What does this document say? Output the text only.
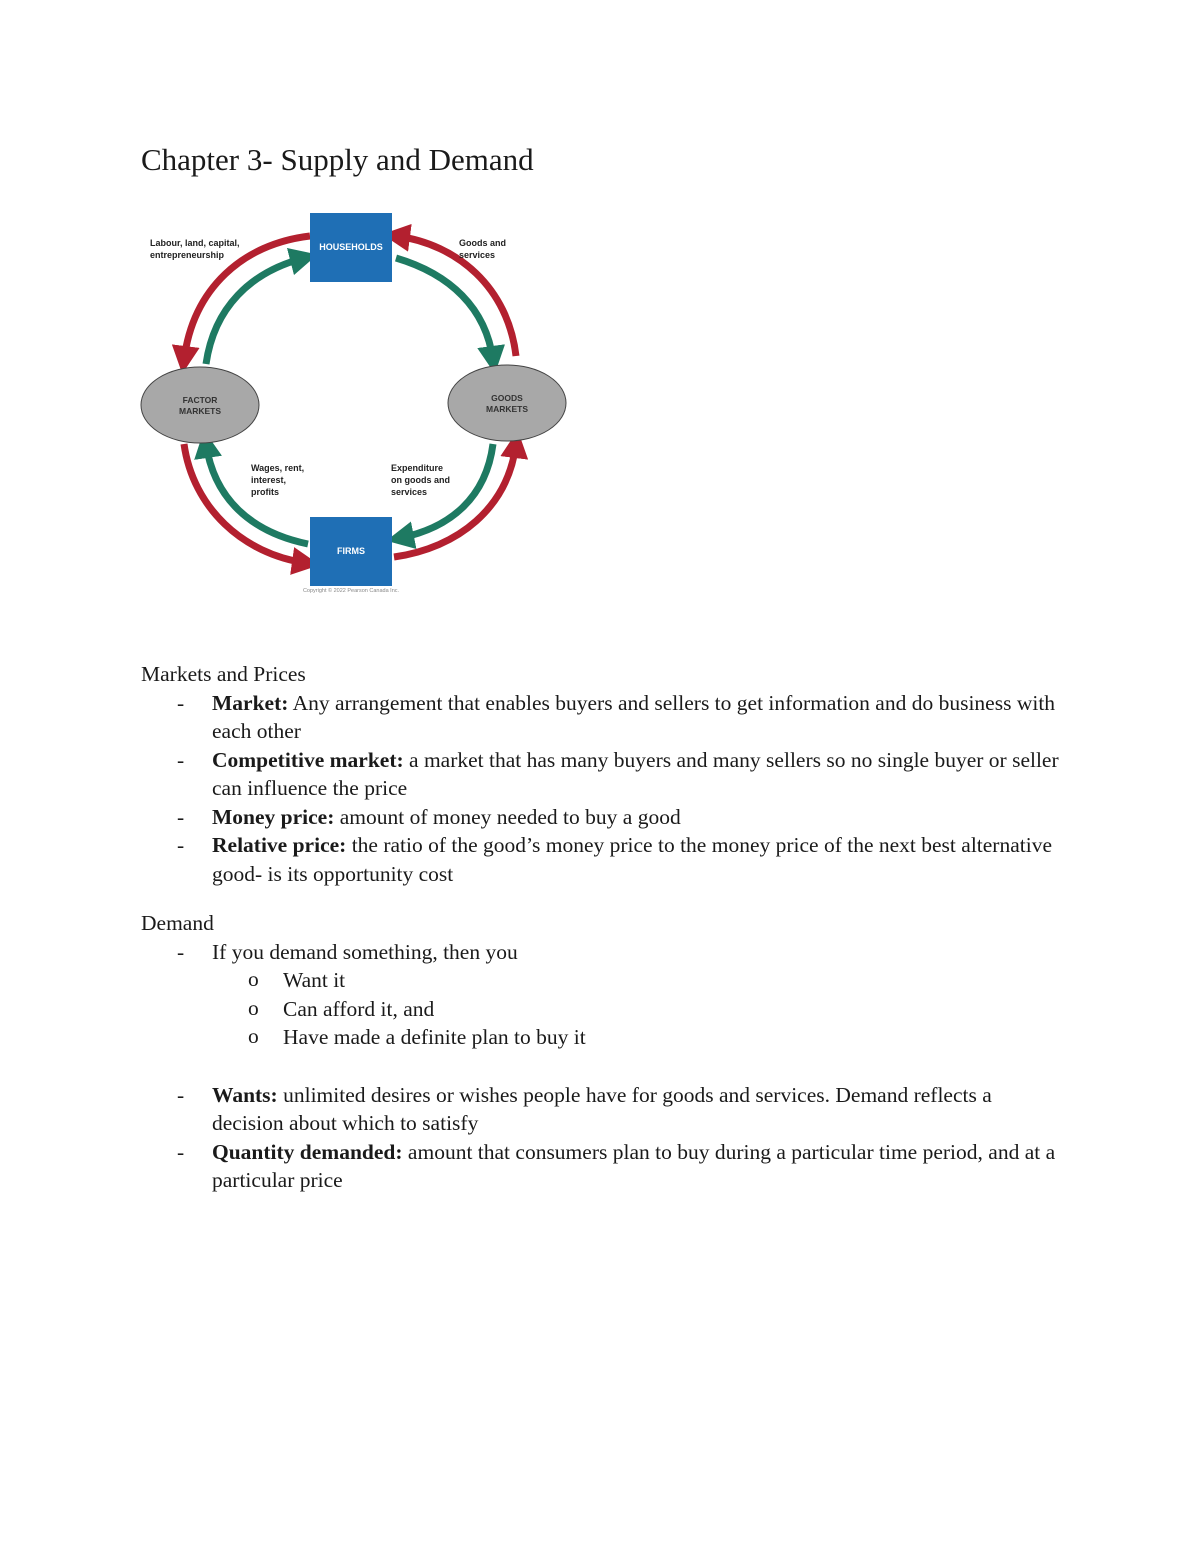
Chapter 3- Supply and Demand
HOUSEHOLDS
FIRMS
FACTOR
MARKETS
GOODS
MARKETS
Labour, land, capital,
entrepreneurship
Goods and
services
Wages, rent,
interest,
profits
Expenditure
on goods and
services
Copyright © 2022 Pearson Canada Inc.
Markets and Prices
- Market: Any arrangement that enables buyers and sellers to get information and do business with each other
- Competitive market: a market that has many buyers and many sellers so no single buyer or seller can influence the price
- Money price: amount of money needed to buy a good
- Relative price: the ratio of the good’s money price to the money price of the next best alternative good- is its opportunity cost
Demand
- If you demand something, then you
o Want it
o Can afford it, and
o Have made a definite plan to buy it
- Wants: unlimited desires or wishes people have for goods and services. Demand reflects a decision about which to satisfy
- Quantity demanded: amount that consumers plan to buy during a particular time period, and at a particular price
